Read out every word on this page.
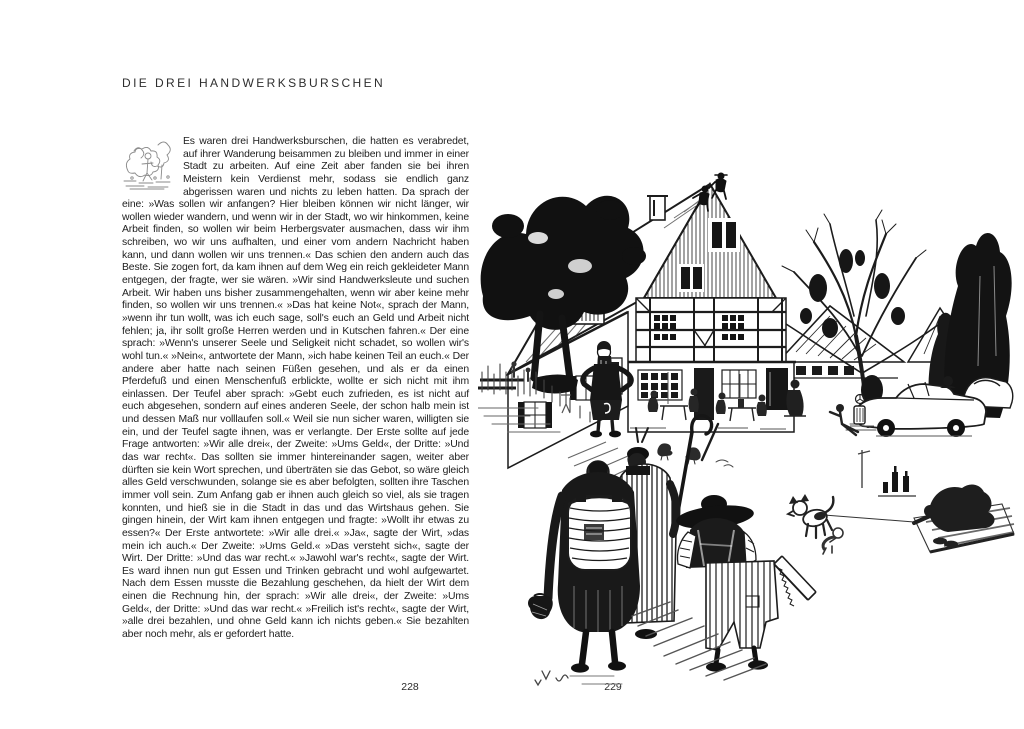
DIE DREI HANDWERKSBURSCHEN

Es waren drei Handwerksburschen, die hatten es verabredet, auf ihrer Wanderung beisammen zu bleiben und immer in einer Stadt zu arbeiten. Auf eine Zeit aber fanden sie bei ihren Meistern kein Verdienst mehr, sodass sie endlich ganz abgerissen waren und nichts zu leben hatten. Da sprach der eine: »Was sollen wir anfangen? Hier bleiben können wir nicht länger, wir wollen wieder wandern, und wenn wir in der Stadt, wo wir hinkommen, keine Arbeit finden, so wollen wir beim Herbergsvater ausmachen, dass wir ihm schreiben, wo wir uns aufhalten, und einer vom andern Nachricht haben kann, und dann wollen wir uns trennen.« Das schien den andern auch das Beste. Sie zogen fort, da kam ihnen auf dem Weg ein reich gekleideter Mann entgegen, der fragte, wer sie wären. »Wir sind Handwerksleute und suchen Arbeit. Wir haben uns bisher zusammengehalten, wenn wir aber keine mehr finden, so wollen wir uns trennen.« »Das hat keine Not«, sprach der Mann, »wenn ihr tun wollt, was ich euch sage, soll's euch an Geld und Arbeit nicht fehlen; ja, ihr sollt große Herren werden und in Kutschen fahren.« Der eine sprach: »Wenn's unserer Seele und Seligkeit nicht schadet, so wollen wir's wohl tun.« »Nein«, antwortete der Mann, »ich habe keinen Teil an euch.« Der andere aber hatte nach seinen Füßen gesehen, und als er da einen Pferdefuß und einen Menschenfuß erblickte, wollte er sich nicht mit ihm einlassen. Der Teufel aber sprach: »Gebt euch zufrieden, es ist nicht auf euch abgesehen, sondern auf eines anderen Seele, der schon halb mein ist und dessen Maß nur volllaufen soll.« Weil sie nun sicher waren, willigten sie ein, und der Teufel sagte ihnen, was er verlangte. Der Erste sollte auf jede Frage antworten: »Wir alle drei«, der Zweite: »Ums Geld«, der Dritte: »Und das war recht«. Das sollten sie immer hintereinander sagen, weiter aber dürften sie kein Wort sprechen, und überträten sie das Gebot, so wäre gleich alles Geld verschwunden, solange sie es aber befolgten, sollten ihre Taschen immer voll sein. Zum Anfang gab er ihnen auch gleich so viel, als sie tragen konnten, und hieß sie in die Stadt in das und das Wirtshaus gehen. Sie gingen hinein, der Wirt kam ihnen entgegen und fragte: »Wollt ihr etwas zu essen?« Der Erste antwortete: »Wir alle drei.« »Ja«, sagte der Wirt, »das mein ich auch.« Der Zweite: »Ums Geld.« »Das versteht sich«, sagte der Wirt. Der Dritte: »Und das war recht.« »Jawohl war's recht«, sagte der Wirt. Es ward ihnen nun gut Essen und Trinken gebracht und wohl aufgewartet. Nach dem Essen musste die Bezahlung geschehen, da hielt der Wirt dem einen die Rechnung hin, der sprach: »Wir alle drei«, der Zweite: »Ums Geld«, der Dritte: »Und das war recht.« »Freilich ist's recht«, sagte der Wirt, »alle drei bezahlen, und ohne Geld kann ich nichts geben.« Sie bezahlten aber noch mehr, als er gefordert hatte.

228	229
